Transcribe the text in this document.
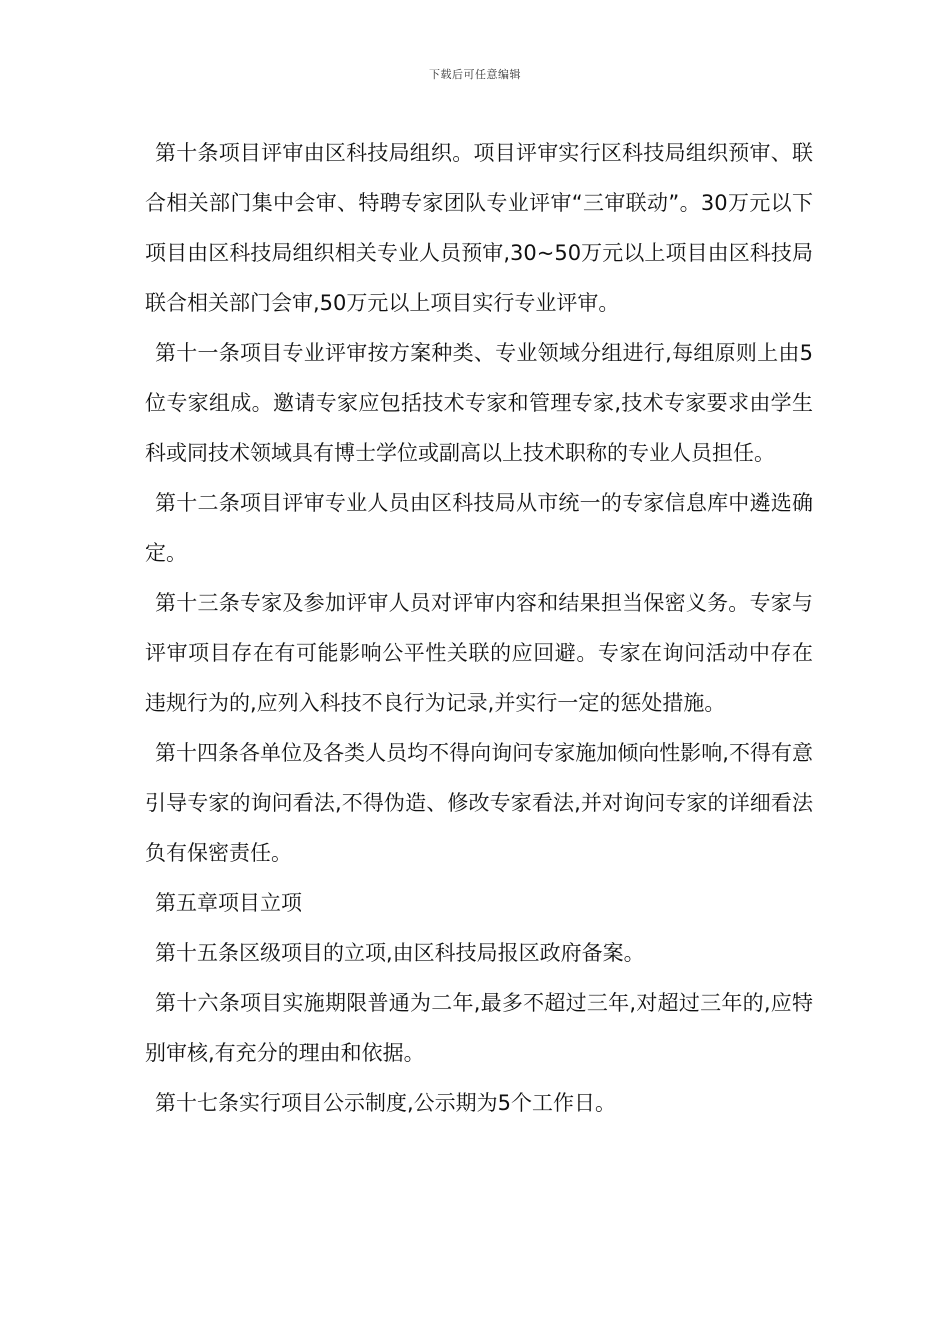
下载后可任意编辑

第十条项目评审由区科技局组织。项目评审实行区科技局组织预审、联合相关部门集中会审、特聘专家团队专业评审“三审联动”。30万元以下项目由区科技局组织相关专业人员预审,30~50万元以上项目由区科技局联合相关部门会审,50万元以上项目实行专业评审。

第十一条项目专业评审按方案种类、专业领域分组进行,每组原则上由5位专家组成。邀请专家应包括技术专家和管理专家,技术专家要求由学生科或同技术领域具有博士学位或副高以上技术职称的专业人员担任。

第十二条项目评审专业人员由区科技局从市统一的专家信息库中遴选确定。

第十三条专家及参加评审人员对评审内容和结果担当保密义务。专家与评审项目存在有可能影响公平性关联的应回避。专家在询问活动中存在违规行为的,应列入科技不良行为记录,并实行一定的惩处措施。

第十四条各单位及各类人员均不得向询问专家施加倾向性影响,不得有意引导专家的询问看法,不得伪造、修改专家看法,并对询问专家的详细看法负有保密责任。

第五章项目立项

第十五条区级项目的立项,由区科技局报区政府备案。

第十六条项目实施期限普通为二年,最多不超过三年,对超过三年的,应特别审核,有充分的理由和依据。

第十七条实行项目公示制度,公示期为5个工作日。
